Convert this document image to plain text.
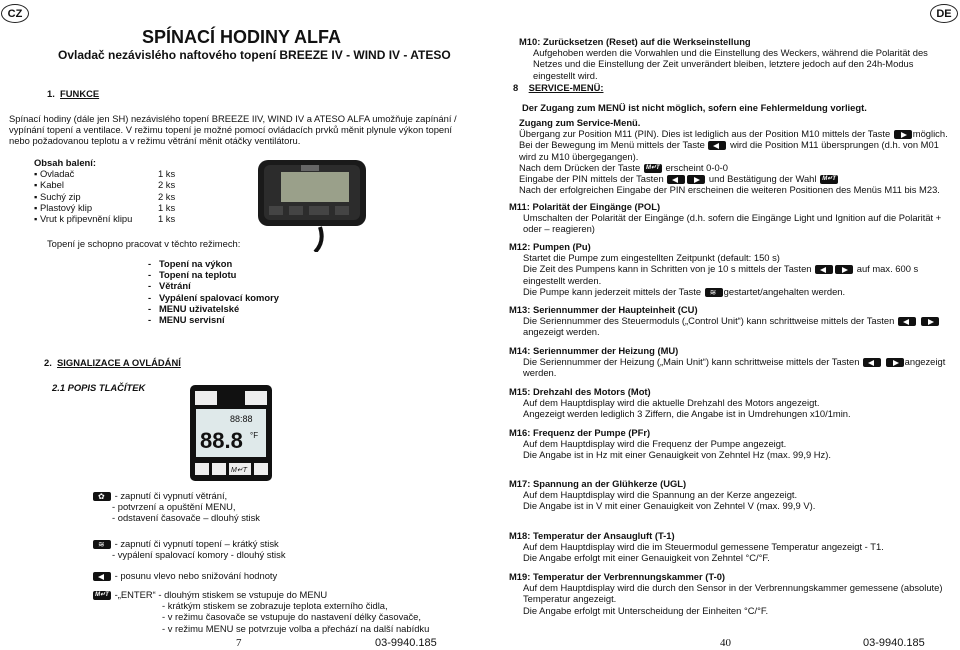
CZ	DE
SPÍNACÍ HODINY ALFA
Ovladač nezávislého naftového topení BREEZE IV - WIND IV - ATESO
1. FUNKCE
Spínací hodiny (dále jen SH) nezávislého topení BREEZE IIV, WIND IV a ATESO ALFA umožňuje zapínání / vypínání topení a ventilace. V režimu topení je možné pomocí ovládacích prvků měnit plynule výkon topení nebo požadovanou teplotu a v režimu větrání měnit otáčky ventilátoru.
Obsah balení:
▪ Ovladač	1 ks
▪ Kabel	2 ks
▪ Suchý zip	2 ks
▪ Plastový klip	1 ks
▪ Vrut k připevnění klipu	1 ks
Topení je schopno pracovat v těchto režimech:
-   Topení na výkon
-   Topení na teplotu
-   Větrání
-   Vypálení spalovací komory
-   MENU uživatelské
-   MENU servisní
2. SIGNALIZACE A OVLÁDÁNÍ
2.1 POPIS TLAČÍTEK
88:88
88.8 °F
M↵T
✿ - zapnutí či vypnutí větrání,
- potvrzení a opuštění MENU,
- odstavení časovače – dlouhý stisk
≋ - zapnutí či vypnutí topení – krátký stisk
- vypálení spalovací komory - dlouhý stisk
- posunu vlevo nebo snižování hodnoty
M↵T -„ENTER“ - dlouhým stiskem se vstupuje do MENU
- krátkým stiskem se zobrazuje teplota externího čidla,
- v režimu časovače se vstupuje do nastavení délky časovače,
- v režimu MENU se potvrzuje volba a přechází na další nabídku
7	03-9940.185
M10: Zurücksetzen (Reset) auf die Werkseinstellung
Aufgehoben werden die Vorwahlen und die Einstellung des Weckers, während die Polarität des Netzes und die Einstellung der Zeit unverändert bleiben, letztere jedoch auf den 24h-Modus eingestellt wird.
8 SERVICE-MENÜ:
Der Zugang zum MENÜ ist nicht möglich, sofern eine Fehlermeldung vorliegt.
Zugang zum Service-Menü.
Übergang zur Position M11 (PIN). Dies ist lediglich aus der Position M10 mittels der Taste möglich. Bei der Bewegung im Menü mittels der Taste	wird die Position M11 übersprungen (d.h. von M01 wird zu M10 übergegangen).
Nach dem Drücken der Taste M↵T erscheint 0-0-0
Eingabe der PIN mittels der Tasten	und Bestätigung der Wahl M↵T
Nach der erfolgreichen Eingabe der PIN erscheinen die weiteren Positionen des Menüs M11 bis M23.
M11: Polarität der Eingänge (POL)
Umschalten der Polarität der Eingänge (d.h. sofern die Eingänge Light und Ignition auf die Polarität + oder – reagieren)
M12: Pumpen (Pu)
Startet die Pumpe zum eingestellten Zeitpunkt (default: 150 s)
Die Zeit des Pumpens kann in Schritten von je 10 s mittels der Tasten	auf max. 600 s eingestellt werden.
Die Pumpe kann jederzeit mittels der Taste ≋ gestartet/angehalten werden.
M13: Seriennummer der Haupteinheit (CU)
Die Seriennummer des Steuermoduls („Control Unit“) kann schrittweise mittels der Tasten  angezeigt werden.
M14: Seriennummer der Heizung (MU)
Die Seriennummer der Heizung („Main Unit“) kann schrittweise mittels der Tasten	angezeigt werden.
M15: Drehzahl des Motors (Mot)
Auf dem Hauptdisplay wird die aktuelle Drehzahl des Motors angezeigt.
Angezeigt werden lediglich 3 Ziffern, die Angabe ist in Umdrehungen x10/1min.
M16: Frequenz der Pumpe (PFr)
Auf dem Hauptdisplay wird die Frequenz der Pumpe angezeigt.
Die Angabe ist in Hz mit einer Genauigkeit von Zehntel Hz (max. 99,9 Hz).
M17: Spannung an der Glühkerze (UGL)
Auf dem Hauptdisplay wird die Spannung an der Kerze angezeigt.
Die Angabe ist in V mit einer Genauigkeit von Zehntel V (max. 99,9 V).
M18: Temperatur der Ansaugluft (T-1)
Auf dem Hauptdisplay wird die im Steuermodul gemessene Temperatur angezeigt - T1.
Die Angabe erfolgt mit einer Genauigkeit von Zehntel °C/°F.
M19: Temperatur der Verbrennungskammer (T-0)
Auf dem Hauptdisplay wird die durch den Sensor in der Verbrennungskammer gemessene (absolute) Temperatur angezeigt.
Die Angabe erfolgt mit Unterscheidung der Einheiten °C/°F.
40	03-9940.185
